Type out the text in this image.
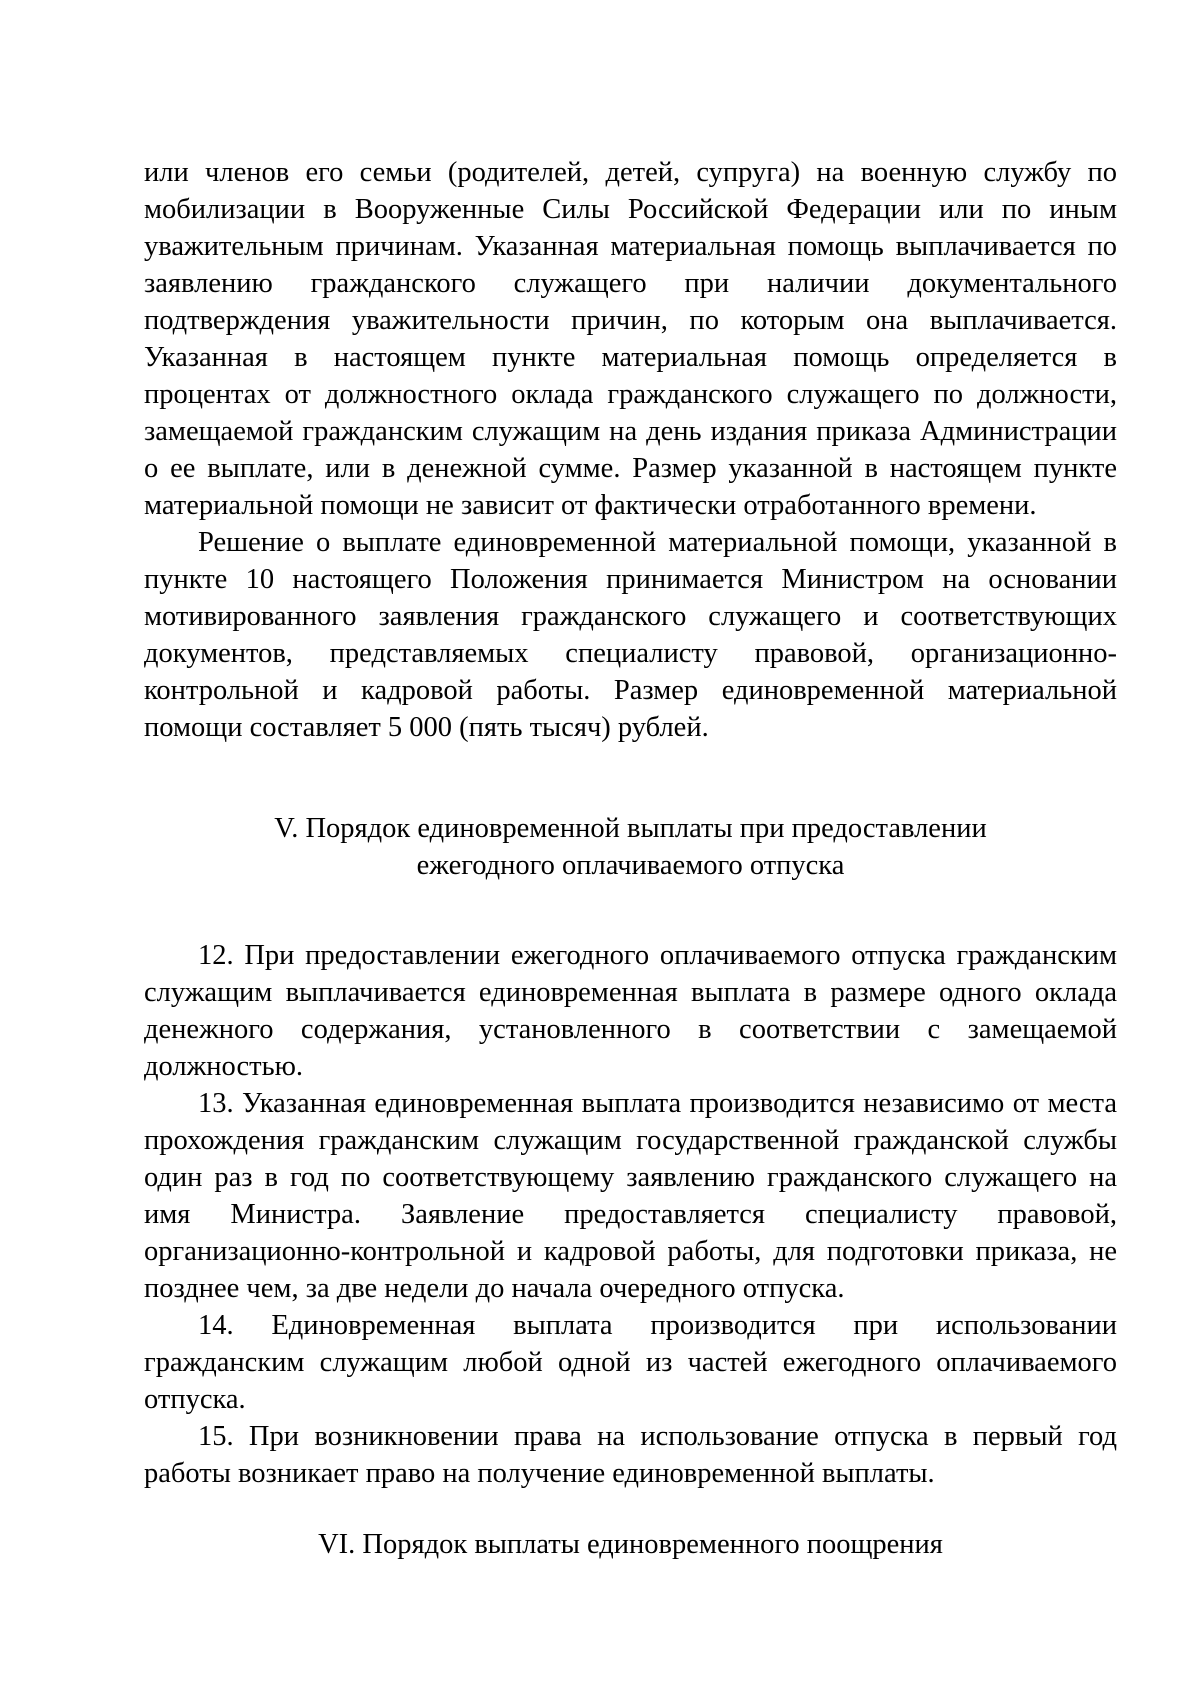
или членов его семьи (родителей, детей, супруга) на военную службу по мобилизации в Вооруженные Силы Российской Федерации или по иным уважительным причинам. Указанная материальная помощь выплачивается по заявлению гражданского служащего при наличии документального подтверждения уважительности причин, по которым она выплачивается. Указанная в настоящем пункте материальная помощь определяется в процентах от должностного оклада гражданского служащего по должности, замещаемой гражданским служащим на день издания приказа Администрации о ее выплате, или в денежной сумме. Размер указанной в настоящем пункте материальной помощи не зависит от фактически отработанного времени.

Решение о выплате единовременной материальной помощи, указанной в пункте 10 настоящего Положения принимается Министром на основании мотивированного заявления гражданского служащего и соответствующих документов, представляемых специалисту правовой, организационно-контрольной и кадровой работы. Размер единовременной материальной помощи составляет 5 000 (пять тысяч) рублей.

V. Порядок единовременной выплаты при предоставлении
ежегодного оплачиваемого отпуска

12. При предоставлении ежегодного оплачиваемого отпуска гражданским служащим выплачивается единовременная выплата в размере одного оклада денежного содержания, установленного в соответствии с замещаемой должностью.

13. Указанная единовременная выплата производится независимо от места прохождения гражданским служащим государственной гражданской службы один раз в год по соответствующему заявлению гражданского служащего на имя Министра. Заявление предоставляется специалисту правовой, организационно-контрольной и кадровой работы, для подготовки приказа, не позднее чем, за две недели до начала очередного отпуска.

14. Единовременная выплата производится при использовании гражданским служащим любой одной из частей ежегодного оплачиваемого отпуска.

15. При возникновении права на использование отпуска в первый год работы возникает право на получение единовременной выплаты.

VI. Порядок выплаты единовременного поощрения
